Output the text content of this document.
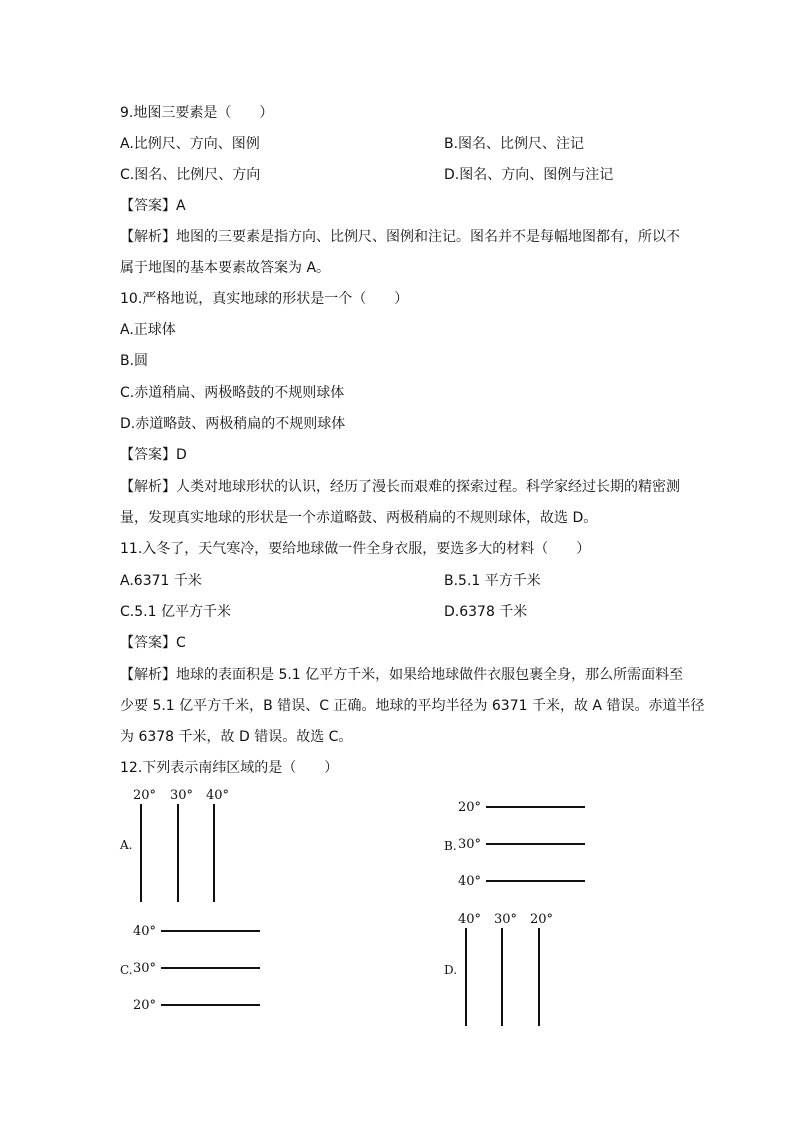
9.地图三要素是（　　）
A.比例尺、方向、图例	B.图名、比例尺、注记
C.图名、比例尺、方向	D.图名、方向、图例与注记
【答案】A
【解析】地图的三要素是指方向、比例尺、图例和注记。图名并不是每幅地图都有，所以不
属于地图的基本要素故答案为 A。
10.严格地说，真实地球的形状是一个（　　）
A.正球体
B.圆
C.赤道稍扁、两极略鼓的不规则球体
D.赤道略鼓、两极稍扁的不规则球体
【答案】D
【解析】人类对地球形状的认识，经历了漫长而艰难的探索过程。科学家经过长期的精密测
量，发现真实地球的形状是一个赤道略鼓、两极稍扁的不规则球体，故选 D。
11.入冬了，天气寒冷，要给地球做一件全身衣服，要选多大的材料（　　）
A.6371 千米	B.5.1 平方千米
C.5.1 亿平方千米	D.6378 千米
【答案】C
【解析】地球的表面积是 5.1 亿平方千米，如果给地球做件衣服包裹全身，那么所需面料至
少要 5.1 亿平方千米，B 错误、C 正确。地球的平均半径为 6371 千米，故 A 错误。赤道半径
为 6378 千米，故 D 错误。故选 C。
12.下列表示南纬区域的是（　　）
A.
20° 30° 40°
20°
B. 30°
40°
40°
C. 30°
20°
D.
40° 30° 20°
